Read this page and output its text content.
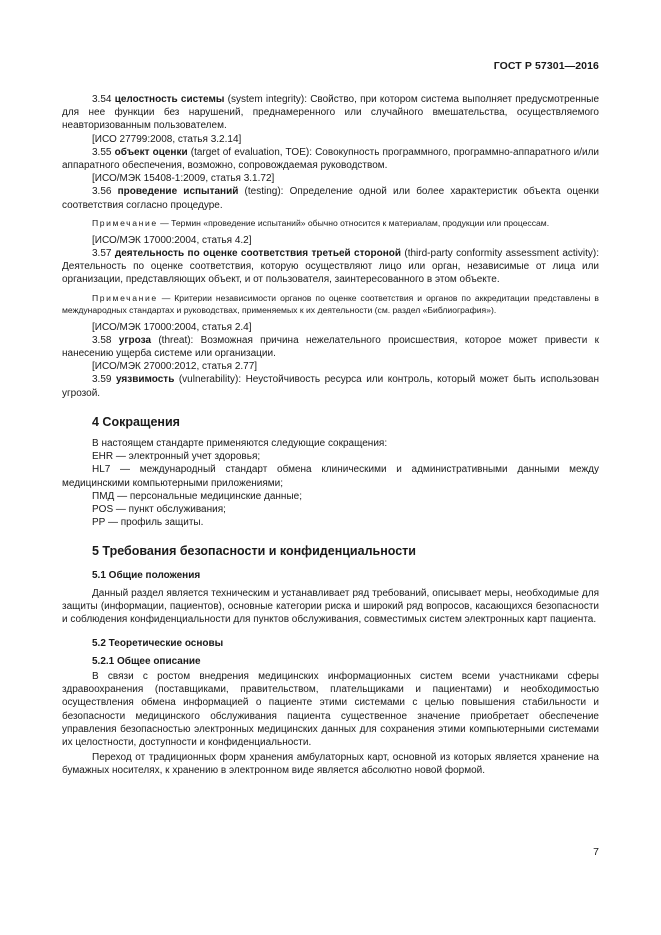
ГОСТ Р 57301—2016

3.54 целостность системы (system integrity): Свойство, при котором система выполняет предусмотренные для нее функции без нарушений, преднамеренного или случайного вмешательства, осуществляемого неавторизованным пользователем.

[ИСО 27799:2008, статья 3.2.14]

3.55 объект оценки (target of evaluation, TOE): Совокупность программного, программно-аппаратного и/или аппаратного обеспечения, возможно, сопровождаемая руководством.

[ИСО/МЭК 15408-1:2009, статья 3.1.72]

3.56 проведение испытаний (testing): Определение одной или более характеристик объекта оценки соответствия согласно процедуре.

Примечание — Термин «проведение испытаний» обычно относится к материалам, продукции или процессам.

[ИСО/МЭК 17000:2004, статья 4.2]

3.57 деятельность по оценке соответствия третьей стороной (third-party conformity assessment activity): Деятельность по оценке соответствия, которую осуществляют лицо или орган, независимые от лица или организации, представляющих объект, и от пользователя, заинтересованного в этом объекте.

Примечание — Критерии независимости органов по оценке соответствия и органов по аккредитации представлены в международных стандартах и руководствах, применяемых к их деятельности (см. раздел «Библиография»).

[ИСО/МЭК 17000:2004, статья 2.4]

3.58 угроза (threat): Возможная причина нежелательного происшествия, которое может привести к нанесению ущерба системе или организации.

[ИСО/МЭК 27000:2012, статья 2.77]

3.59 уязвимость (vulnerability): Неустойчивость ресурса или контроль, который может быть использован угрозой.

4 Сокращения

В настоящем стандарте применяются следующие сокращения:

EHR — электронный учет здоровья;

HL7 — международный стандарт обмена клиническими и административными данными между медицинскими компьютерными приложениями;

ПМД — персональные медицинские данные;

POS — пункт обслуживания;

PP — профиль защиты.

5 Требования безопасности и конфиденциальности
5.1 Общие положения

Данный раздел является техническим и устанавливает ряд требований, описывает меры, необходимые для защиты (информации, пациентов), основные категории риска и широкий ряд вопросов, касающихся безопасности и соблюдения конфиденциальности для пунктов обслуживания, совместимых систем электронных карт пациента.

5.2 Теоретические основы
5.2.1 Общее описание

В связи с ростом внедрения медицинских информационных систем всеми участниками сферы здравоохранения (поставщиками, правительством, плательщиками и пациентами) и необходимостью осуществления обмена информацией о пациенте этими системами с целью повышения стабильности и безопасности медицинского обслуживания пациента существенное значение приобретает обеспечение управления безопасностью электронных медицинских данных для сохранения этими компьютерными системами их целостности, доступности и конфиденциальности.

Переход от традиционных форм хранения амбулаторных карт, основной из которых является хранение на бумажных носителях, к хранению в электронном виде является абсолютно новой формой.

7
